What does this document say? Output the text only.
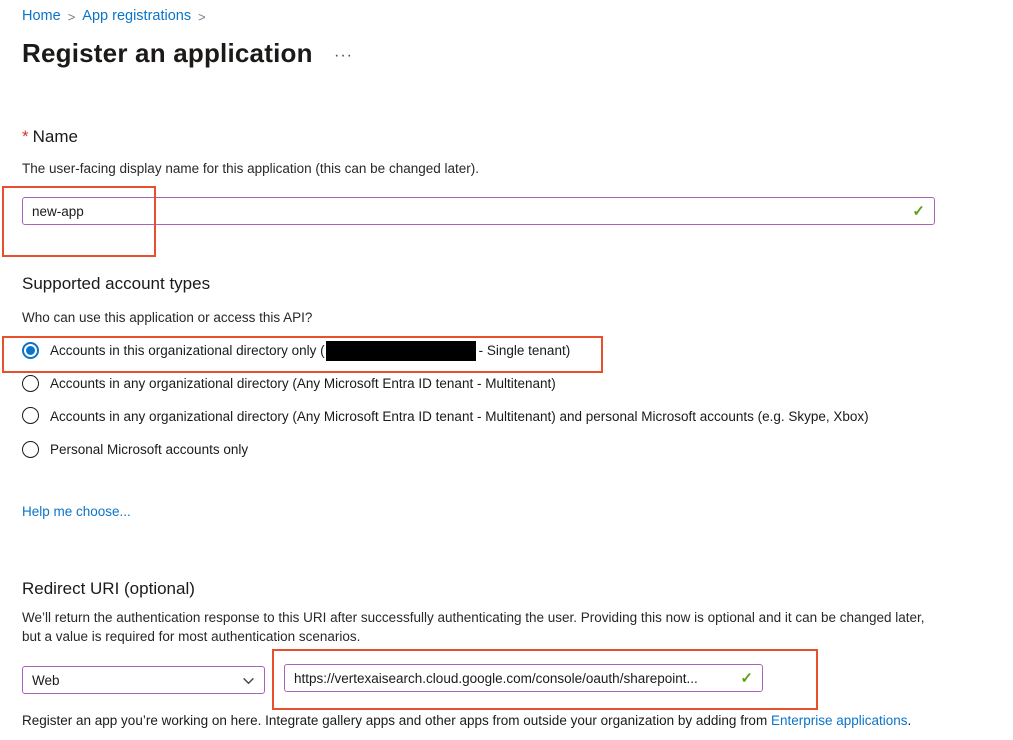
Home > App registrations >
Register an application ···
* Name
The user-facing display name for this application (this can be changed later).
new-app
✓
Supported account types
Who can use this application or access this API?
Accounts in this organizational directory only (	- Single tenant)
Accounts in any organizational directory (Any Microsoft Entra ID tenant - Multitenant)
Accounts in any organizational directory (Any Microsoft Entra ID tenant - Multitenant) and personal Microsoft accounts (e.g. Skype, Xbox)
Personal Microsoft accounts only
Help me choose...
Redirect URI (optional)
We’ll return the authentication response to this URI after successfully authenticating the user. Providing this now is optional and it can be changed later, but a value is required for most authentication scenarios.
Web
https://vertexaisearch.cloud.google.com/console/oauth/sharepoint...	✓
Register an app you’re working on here. Integrate gallery apps and other apps from outside your organization by adding from Enterprise applications.
